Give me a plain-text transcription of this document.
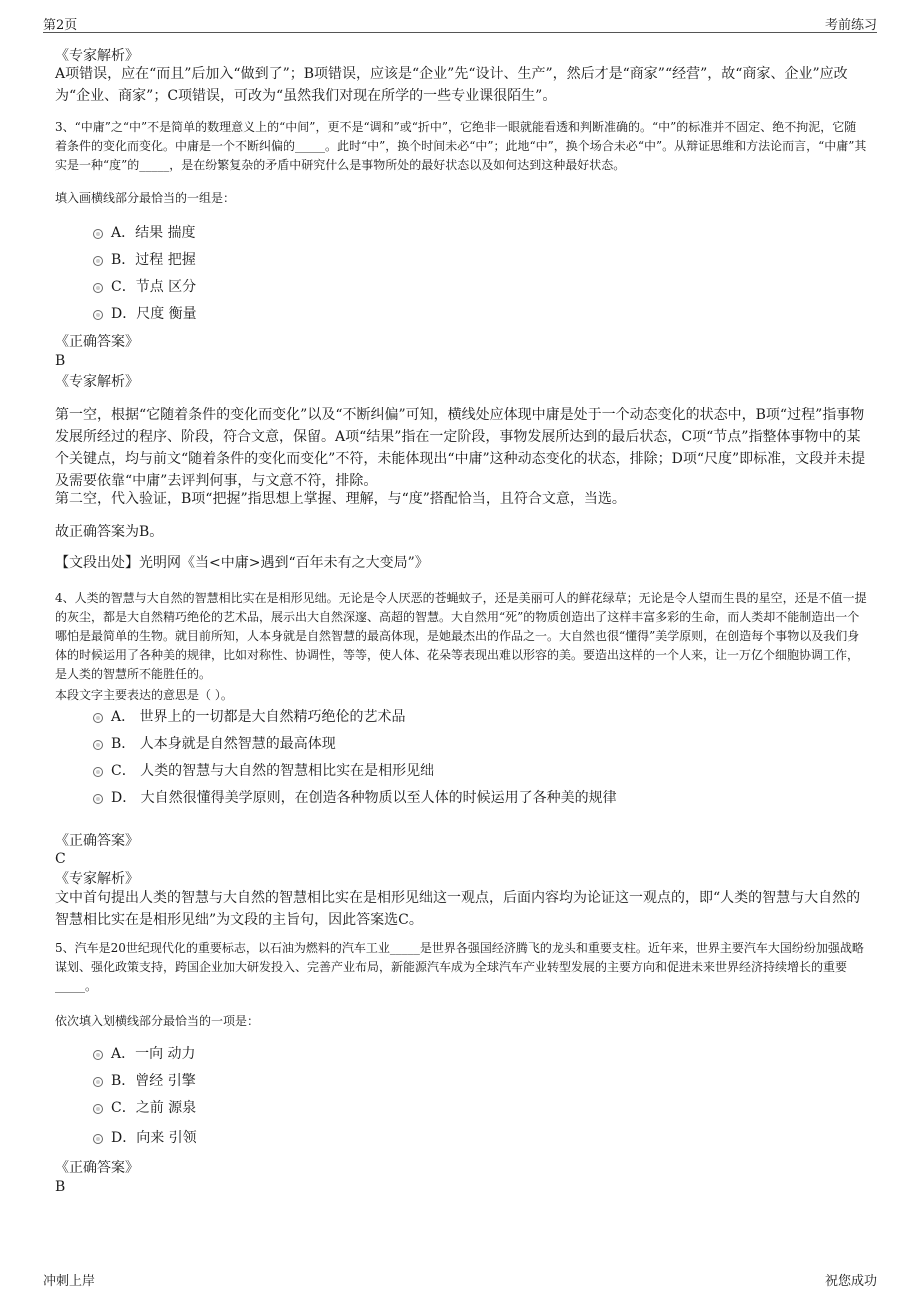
第2页	考前练习
《专家解析》
A项错误，应在“而且”后加入“做到了”；B项错误，应该是“企业”先“设计、生产”，然后才是“商家”“经营”，故“商家、企业”应改为“企业、商家”；C项错误，可改为“虽然我们对现在所学的一些专业课很陌生”。
3、“中庸”之“中”不是简单的数理意义上的“中间”，更不是“调和”或“折中”，它绝非一眼就能看透和判断准确的。“中”的标准并不固定、绝不拘泥，它随着条件的变化而变化。中庸是一个不断纠偏的_____。此时“中”，换个时间未必“中”；此地“中”，换个场合未必“中”。从辩证思维和方法论而言，“中庸”其实是一种“度”的_____，是在纷繁复杂的矛盾中研究什么是事物所处的最好状态以及如何达到这种最好状态。
填入画横线部分最恰当的一组是：
A．结果 揣度
B．过程 把握
C．节点 区分
D．尺度 衡量
《正确答案》
B
《专家解析》
第一空，根据“它随着条件的变化而变化”以及“不断纠偏”可知，横线处应体现中庸是处于一个动态变化的状态中，B项“过程”指事物发展所经过的程序、阶段，符合文意，保留。A项“结果”指在一定阶段，事物发展所达到的最后状态，C项“节点”指整体事物中的某个关键点，均与前文“随着条件的变化而变化”不符，未能体现出“中庸”这种动态变化的状态，排除；D项“尺度”即标准，文段并未提及需要依靠“中庸”去评判何事，与文意不符，排除。
第二空，代入验证，B项“把握”指思想上掌握、理解，与“度”搭配恰当，且符合文意，当选。
故正确答案为B。
【文段出处】光明网《当<中庸>遇到“百年未有之大变局”》
4、人类的智慧与大自然的智慧相比实在是相形见绌。无论是令人厌恶的苍蝇蚊子，还是美丽可人的鲜花绿草；无论是令人望而生畏的星空，还是不值一提的灰尘，都是大自然精巧绝伦的艺术品，展示出大自然深邃、高超的智慧。大自然用“死”的物质创造出了这样丰富多彩的生命，而人类却不能制造出一个哪怕是最简单的生物。就目前所知，人本身就是自然智慧的最高体现，是她最杰出的作品之一。大自然也很“懂得”美学原则，在创造每个事物以及我们身体的时候运用了各种美的规律，比如对称性、协调性，等等，使人体、花朵等表现出难以形容的美。要造出这样的一个人来，让一万亿个细胞协调工作，是人类的智慧所不能胜任的。
本段文字主要表达的意思是（ ）。
A． 世界上的一切都是大自然精巧绝伦的艺术品
B． 人本身就是自然智慧的最高体现
C． 人类的智慧与大自然的智慧相比实在是相形见绌
D． 大自然很懂得美学原则，在创造各种物质以至人体的时候运用了各种美的规律
《正确答案》
C
《专家解析》
文中首句提出人类的智慧与大自然的智慧相比实在是相形见绌这一观点，后面内容均为论证这一观点的，即“人类的智慧与大自然的智慧相比实在是相形见绌”为文段的主旨句，因此答案选C。
5、汽车是20世纪现代化的重要标志，以石油为燃料的汽车工业_____是世界各强国经济腾飞的龙头和重要支柱。近年来，世界主要汽车大国纷纷加强战略谋划、强化政策支持，跨国企业加大研发投入、完善产业布局，新能源汽车成为全球汽车产业转型发展的主要方向和促进未来世界经济持续增长的重要_____。
依次填入划横线部分最恰当的一项是：
A．一向 动力
B．曾经 引擎
C．之前 源泉
D．向来 引领
《正确答案》
B
冲刺上岸	祝您成功
